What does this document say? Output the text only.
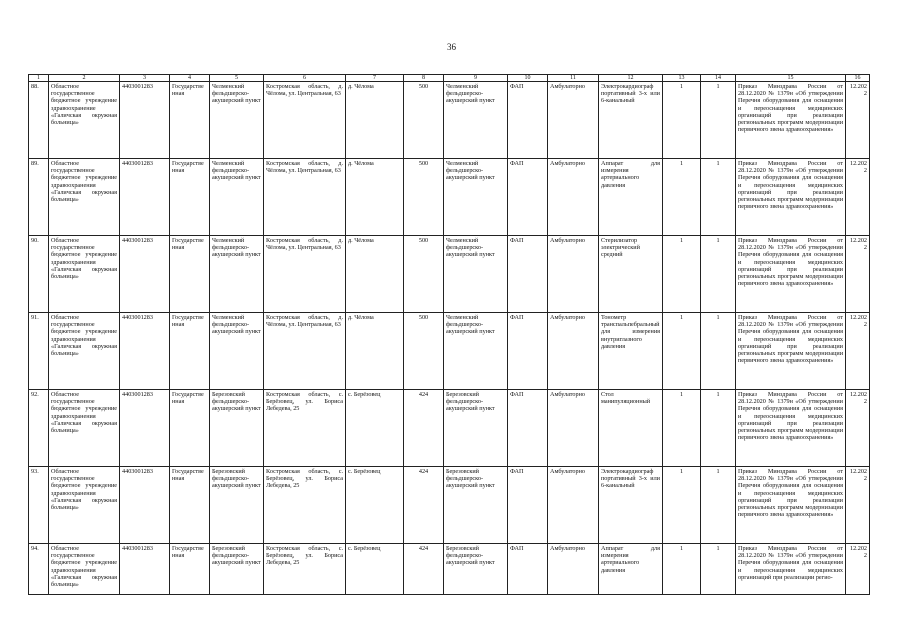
36
1	2	3	4	5	6	7	8	9	10	11	12	13	14	15	16
88.	Областное государственное бюджетное учреждение здравоохранение «Галичская окружная больница»	4403001283	Государственная	Челменский фельдшерско-акушерский пункт	Костромская область, д. Чёлома, ул. Центральная, 63	д. Чёлома	500	Челменский фельдшерско-акушерский пункт	ФАП	Амбулаторно	Электрокардиограф портативный 3-х или 6-канальный	1	1	Приказ Минздрава России от 28.12.2020 № 1379н «Об утверждении Перечня оборудования для оснащения и переоснащения медицинских организаций при реализации региональных программ модернизации первичного звена здравоохранения»	12.2022
89.	Областное государственное бюджетное учреждение здравоохранения «Галичская окружная больница»	4403001283	Государственная	Челменский фельдшерско-акушерский пункт	Костромская область, д. Чёлома, ул. Центральная, 63	д. Чёлома	500	Челменский фельдшерско-акушерский пункт	ФАП	Амбулаторно	Аппарат для измерения артериального давления	1	1	Приказ Минздрава России от 28.12.2020 № 1379н «Об утверждении Перечня оборудования для оснащения и переоснащения медицинских организаций при реализации региональных программ модернизации первичного звена здравоохранения»	12.2022
90.	Областное государственное бюджетное учреждение здравоохранения «Галичская окружная больница»	4403001283	Государственная	Челменский фельдшерско-акушерский пункт	Костромская область, д. Чёлома, ул. Центральная, 63	д. Чёлома	500	Челменский фельдшерско-акушерский пункт	ФАП	Амбулаторно	Стерилизатор электрический средний	1	1	Приказ Минздрава России от 28.12.2020 № 1379н «Об утверждении Перечня оборудования для оснащения и переоснащения медицинских организаций при реализации региональных программ модернизации первичного звена здравоохранения»	12.2022
91.	Областное государственное бюджетное учреждение здравоохранения «Галичская окружная больница»	4403001283	Государственная	Челменский фельдшерско-акушерский пункт	Костромская область, д. Чёлома, ул. Центральная, 63	д. Чёлома	500	Челменский фельдшерско-акушерский пункт	ФАП	Амбулаторно	Тонометр транспальпебральный для измерения внутриглазного давления	1	1	Приказ Минздрава России от 28.12.2020 № 1379н «Об утверждении Перечня оборудования для оснащения и переоснащения медицинских организаций при реализации региональных программ модернизации первичного звена здравоохранения»	12.2022
92.	Областное государственное бюджетное учреждение здравоохранения «Галичская окружная больница»	4403001283	Государственная	Березовский фельдшерско-акушерский пункт	Костромская область, с. Берёзовец, ул. Бориса Лебедева, 25	с. Берёзовец	424	Березовский фельдшерско-акушерский пункт	ФАП	Амбулаторно	Стол манипуляционный	1	1	Приказ Минздрава России от 28.12.2020 № 1379н «Об утверждении Перечня оборудования для оснащения и переоснащения медицинских организаций при реализации региональных программ модернизации первичного звена здравоохранения»	12.2022
93.	Областное государственное бюджетное учреждение здравоохранения «Галичская окружная больница»	4403001283	Государственная	Березовский фельдшерско-акушерский пункт	Костромская область, с. Берёзовец, ул. Бориса Лебедева, 25	с. Берёзовец	424	Березовский фельдшерско-акушерский пункт	ФАП	Амбулаторно	Электрокардиограф портативный 3-х или 6-канальный	1	1	Приказ Минздрава России от 28.12.2020 № 1379н «Об утверждении Перечня оборудования для оснащения и переоснащения медицинских организаций при реализации региональных программ модернизации первичного звена здравоохранения»	12.2022
94.	Областное государственное бюджетное учреждение здравоохранения «Галичская окружная больница»	4403001283	Государственная	Березовский фельдшерско-акушерский пункт	Костромская область, с. Берёзовец, ул. Бориса Лебедева, 25	с. Берёзовец	424	Березовский фельдшерско-акушерский пункт	ФАП	Амбулаторно	Аппарат для измерения артериального давления	1	1	Приказ Минздрава России от 28.12.2020 № 1379н «Об утверждении Перечня оборудования для оснащения и переоснащения медицинских организаций при реализации регио-	12.2022
